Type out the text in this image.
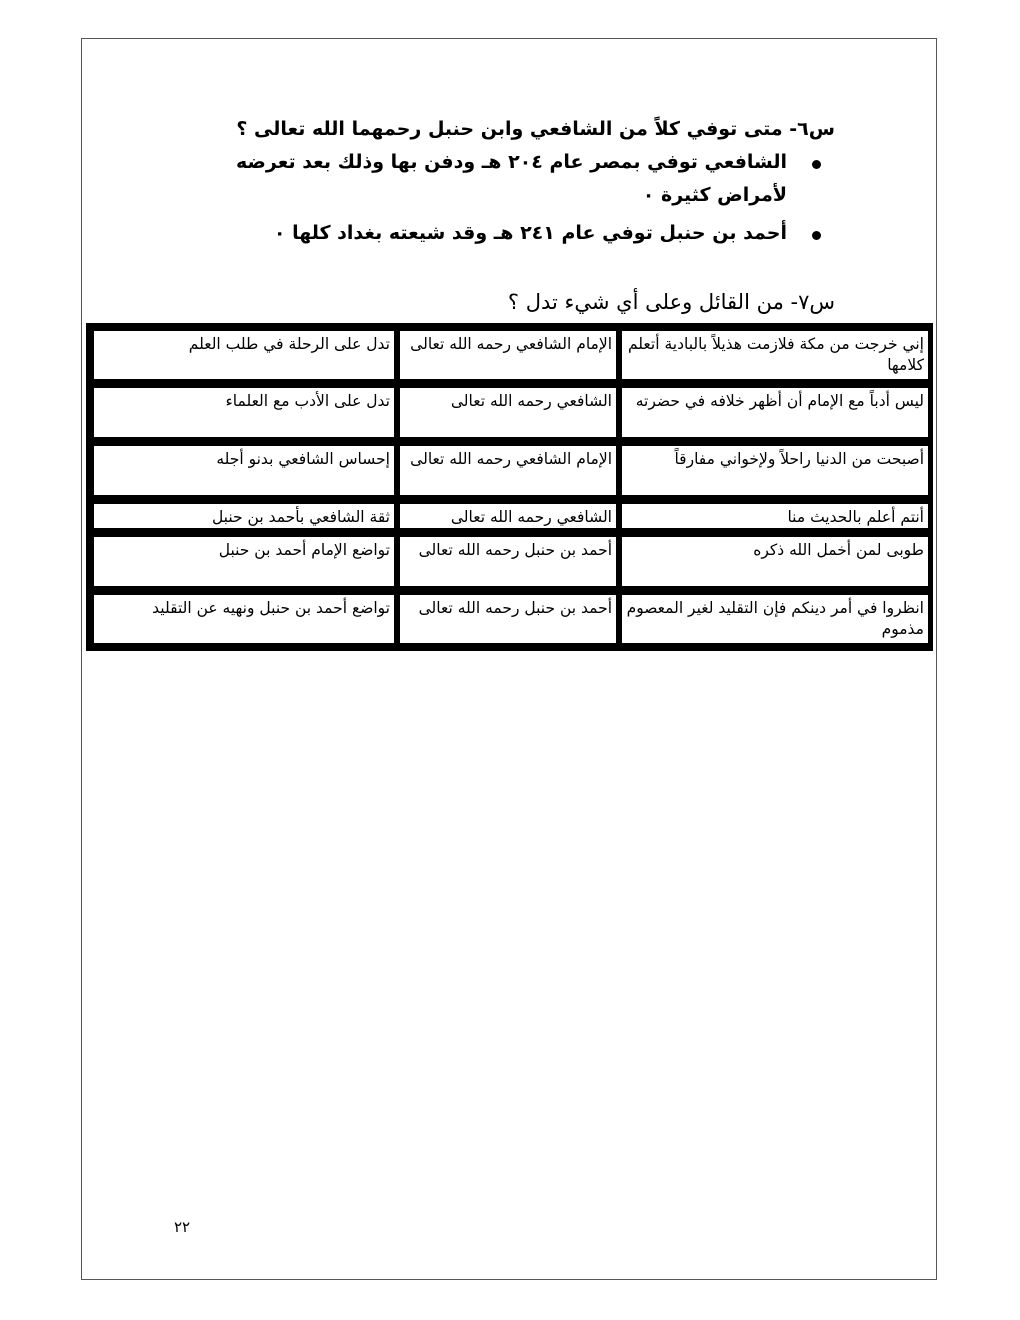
س٦- متى توفي كلاً من الشافعي وابن حنبل رحمهما الله تعالى ؟
الشافعي توفي بمصر عام ٢٠٤ هـ ودفن بها وذلك بعد تعرضه لأمراض كثيرة ٠
أحمد بن حنبل توفي عام ٢٤١ هـ وقد شيعته بغداد كلها ٠
س٧- من القائل وعلى أي شيء تدل ؟
إني خرجت من مكة فلازمت هذيلاً بالبادية أتعلم كلامها
الإمام الشافعي رحمه الله تعالى
تدل على الرحلة في طلب العلم
ليس أدباً مع الإمام أن أظهر خلافه في حضرته
الشافعي رحمه الله تعالى
تدل على الأدب مع العلماء
أصبحت من الدنيا راحلاً ولإخواني مفارقاً
الإمام الشافعي رحمه الله تعالى
إحساس الشافعي بدنو أجله
أنتم أعلم بالحديث منا
الشافعي رحمه الله تعالى
ثقة الشافعي بأحمد بن حنبل
طوبى لمن أخمل الله ذكره
أحمد بن حنبل رحمه الله تعالى
تواضع الإمام أحمد بن حنبل
انظروا في أمر دينكم فإن التقليد لغير المعصوم مذموم
أحمد بن حنبل رحمه الله تعالى
تواضع أحمد بن حنبل ونهيه عن التقليد
٢٢
